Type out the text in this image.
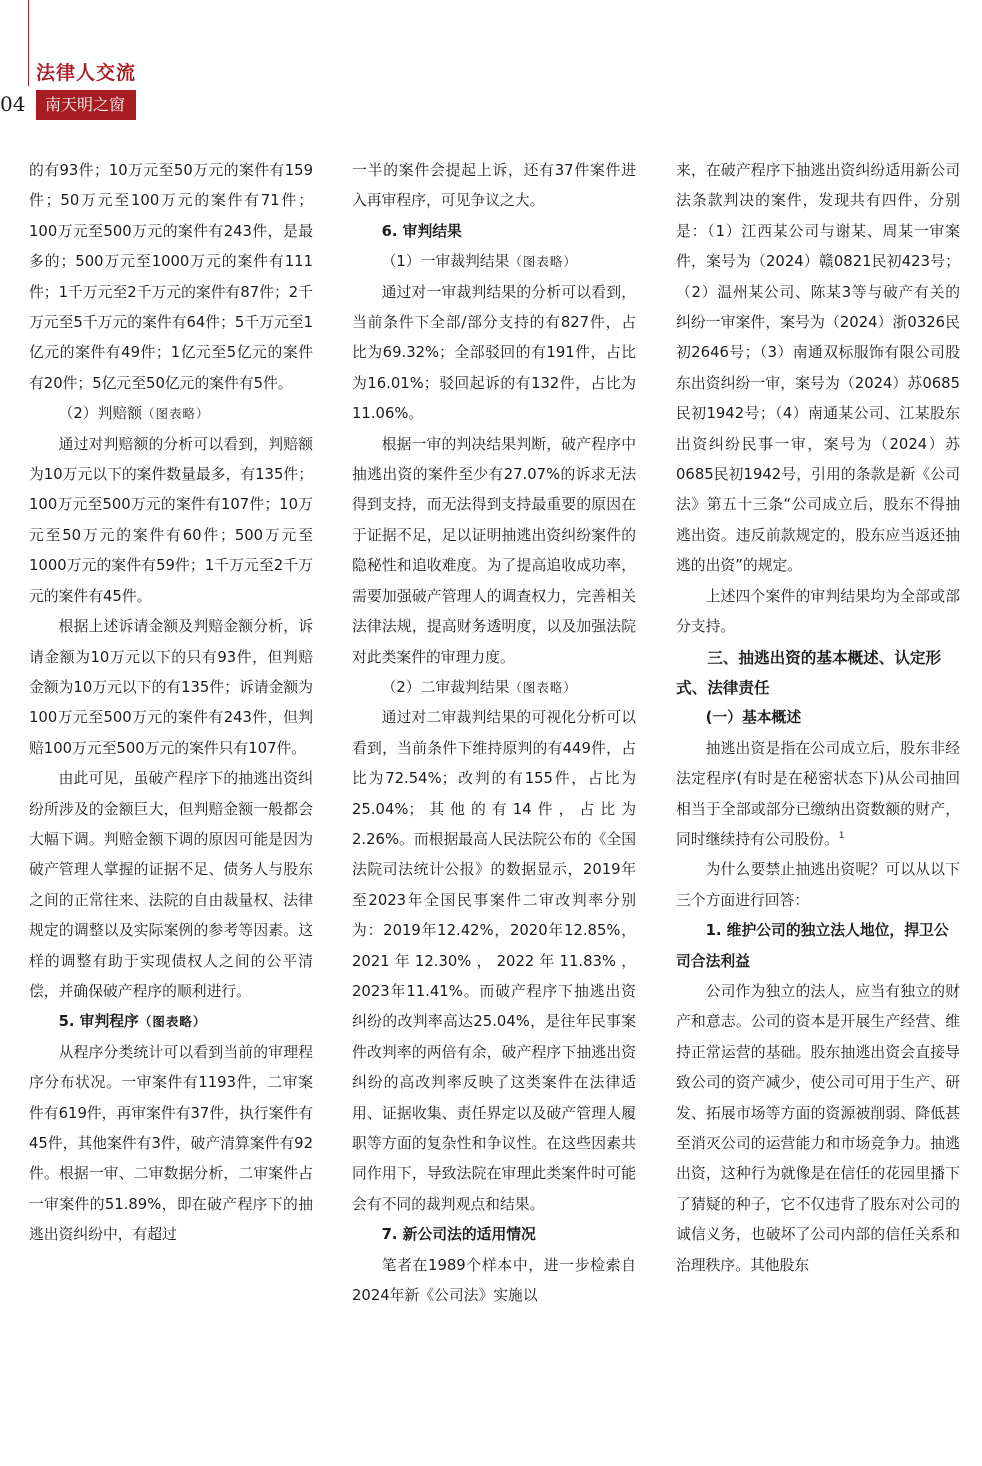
法律人交流
04	南天明之窗

的有93件；10万元至50万元的案件有159件；50万元至100万元的案件有71件；100万元至500万元的案件有243件，是最多的；500万元至1000万元的案件有111件；1千万元至2千万元的案件有87件；2千万元至5千万元的案件有64件；5千万元至1亿元的案件有49件；1亿元至5亿元的案件有20件；5亿元至50亿元的案件有5件。

（2）判赔额（图表略）

通过对判赔额的分析可以看到，判赔额为10万元以下的案件数量最多，有135件；100万元至500万元的案件有107件；10万元至50万元的案件有60件；500万元至1000万元的案件有59件；1千万元至2千万元的案件有45件。

根据上述诉请金额及判赔金额分析，诉请金额为10万元以下的只有93件，但判赔金额为10万元以下的有135件；诉请金额为100万元至500万元的案件有243件，但判赔100万元至500万元的案件只有107件。

由此可见，虽破产程序下的抽逃出资纠纷所涉及的金额巨大，但判赔金额一般都会大幅下调。判赔金额下调的原因可能是因为破产管理人掌握的证据不足、债务人与股东之间的正常往来、法院的自由裁量权、法律规定的调整以及实际案例的参考等因素。这样的调整有助于实现债权人之间的公平清偿，并确保破产程序的顺利进行。

5. 审判程序（图表略）

从程序分类统计可以看到当前的审理程序分布状况。一审案件有1193件，二审案件有619件，再审案件有37件，执行案件有45件，其他案件有3件，破产清算案件有92件。根据一审、二审数据分析，二审案件占一审案件的51.89%，即在破产程序下的抽逃出资纠纷中，有超过

一半的案件会提起上诉，还有37件案件进入再审程序，可见争议之大。

6. 审判结果
（1）一审裁判结果（图表略）

通过对一审裁判结果的分析可以看到，当前条件下全部/部分支持的有827件，占比为69.32%；全部驳回的有191件，占比为16.01%；驳回起诉的有132件，占比为11.06%。

根据一审的判决结果判断，破产程序中抽逃出资的案件至少有27.07%的诉求无法得到支持，而无法得到支持最重要的原因在于证据不足，足以证明抽逃出资纠纷案件的隐秘性和追收难度。为了提高追收成功率，需要加强破产管理人的调查权力，完善相关法律法规，提高财务透明度，以及加强法院对此类案件的审理力度。

（2）二审裁判结果（图表略）

通过对二审裁判结果的可视化分析可以看到，当前条件下维持原判的有449件，占比为72.54%；改判的有155件，占比为25.04%；其他的有14件，占比为2.26%。而根据最高人民法院公布的《全国法院司法统计公报》的数据显示，2019年至2023年全国民事案件二审改判率分别为：2019年12.42%，2020年12.85%，2021年12.30%，2022年11.83%，2023年11.41%。而破产程序下抽逃出资纠纷的改判率高达25.04%，是往年民事案件改判率的两倍有余，破产程序下抽逃出资纠纷的高改判率反映了这类案件在法律适用、证据收集、责任界定以及破产管理人履职等方面的复杂性和争议性。在这些因素共同作用下，导致法院在审理此类案件时可能会有不同的裁判观点和结果。

7. 新公司法的适用情况

笔者在1989个样本中，进一步检索自2024年新《公司法》实施以

来，在破产程序下抽逃出资纠纷适用新公司法条款判决的案件，发现共有四件，分别是：（1）江西某公司与谢某、周某一审案件，案号为（2024）赣0821民初423号；（2）温州某公司、陈某3等与破产有关的纠纷一审案件，案号为（2024）浙0326民初2646号；（3）南通双标服饰有限公司股东出资纠纷一审，案号为（2024）苏0685民初1942号；（4）南通某公司、江某股东出资纠纷民事一审，案号为（2024）苏0685民初1942号，引用的条款是新《公司法》第五十三条“公司成立后，股东不得抽逃出资。违反前款规定的，股东应当返还抽逃的出资”的规定。

上述四个案件的审判结果均为全部或部分支持。

三、抽逃出资的基本概述、认定形式、法律责任
(一）基本概述

抽逃出资是指在公司成立后，股东非经法定程序(有时是在秘密状态下)从公司抽回相当于全部或部分已缴纳出资数额的财产，同时继续持有公司股份。$^1$

为什么要禁止抽逃出资呢？可以从以下三个方面进行回答：

1. 维护公司的独立法人地位，捍卫公司合法利益

公司作为独立的法人，应当有独立的财产和意志。公司的资本是开展生产经营、维持正常运营的基础。股东抽逃出资会直接导致公司的资产减少，使公司可用于生产、研发、拓展市场等方面的资源被削弱、降低甚至消灭公司的运营能力和市场竞争力。抽逃出资，这种行为就像是在信任的花园里播下了猜疑的种子，它不仅违背了股东对公司的诚信义务，也破坏了公司内部的信任关系和治理秩序。其他股东
